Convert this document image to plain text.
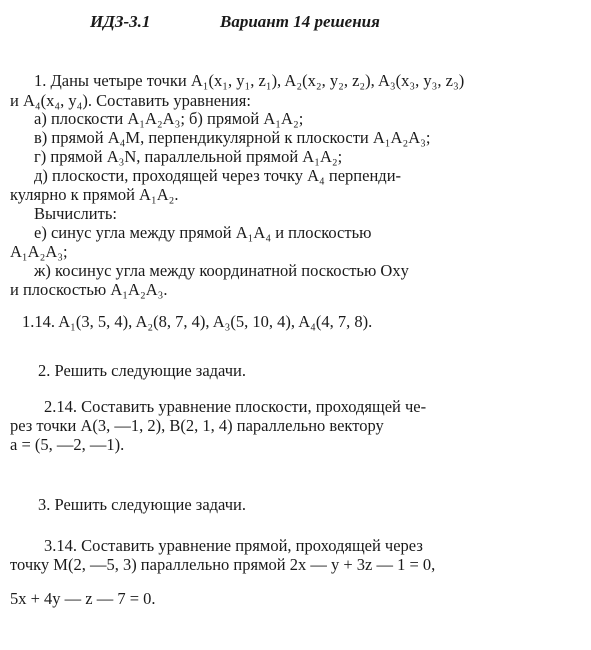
ИДЗ-3.1	Вариант 14 решения
1. Даны четыре точки A₁(x₁, y₁, z₁), A₂(x₂, y₂, z₂), A₃(x₃, y₃, z₃)
и A₄(x₄, y₄). Составить уравнения:
а) плоскости A₁A₂A₃; б) прямой A₁A₂;
в) прямой A₄M, перпендикулярной к плоскости A₁A₂A₃;
г) прямой A₃N, параллельной прямой A₁A₂;
д) плоскости, проходящей через точку A₄ перпенди-
кулярно к прямой A₁A₂.
Вычислить:
е) синус угла между прямой A₁A₄ и плоскостью
A₁A₂A₃;
ж) косинус угла между координатной поскостью Oxy
и плоскостью A₁A₂A₃.
1.14. A₁(3, 5, 4), A₂(8, 7, 4), A₃(5, 10, 4), A₄(4, 7, 8).
2. Решить следующие задачи.
2.14. Составить уравнение плоскости, проходящей че-
рез точки A(3, —1, 2), B(2, 1, 4) параллельно вектору
a = (5, —2, —1).
3. Решить следующие задачи.
3.14. Составить уравнение прямой, проходящей через
точку M(2, —5, 3) параллельно прямой 2x — y + 3z — 1 = 0,
5x + 4y — z — 7 = 0.
